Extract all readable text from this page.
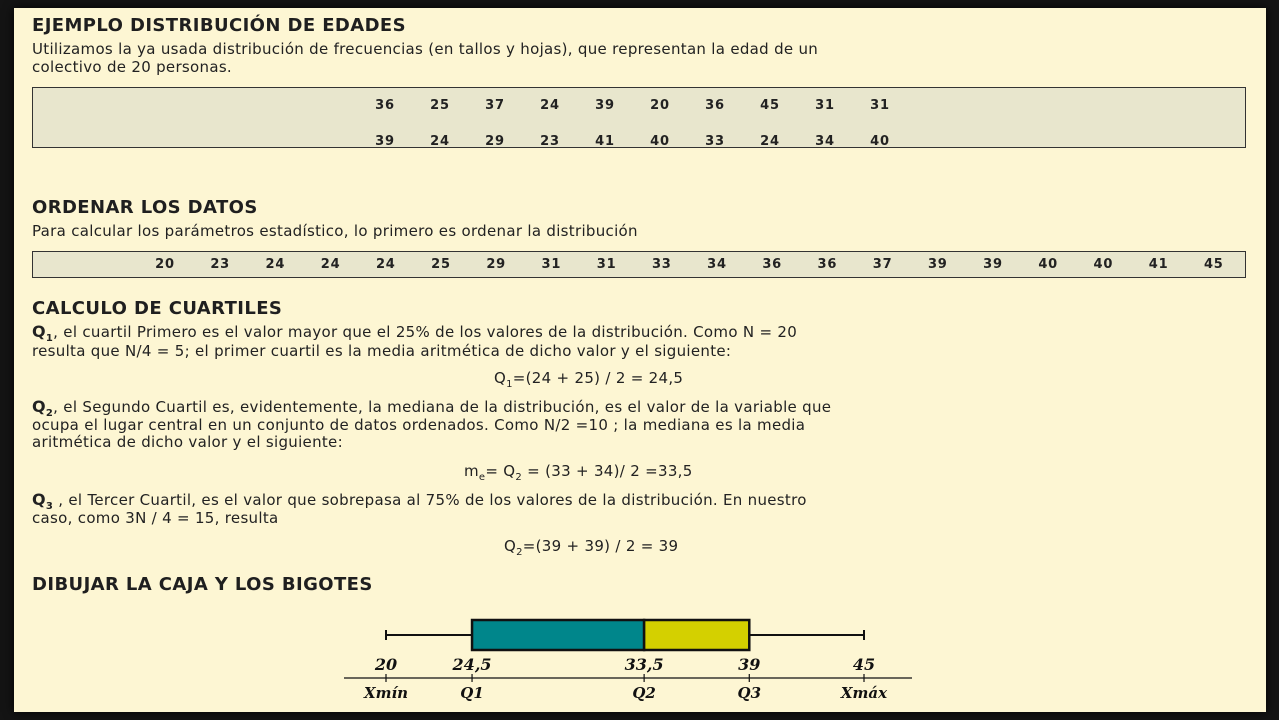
EJEMPLO DISTRIBUCIÓN DE EDADES
Utilizamos la ya usada distribución de frecuencias (en tallos y hojas), que representan la edad de un
colectivo de 20 personas.
36	25	37	24	39	20	36	45	31	31
39	24	29	23	41	40	33	24	34	40
ORDENAR LOS DATOS
Para calcular los parámetros estadístico, lo primero es ordenar la distribución
20	23	24	24	24	25	29	31	31	33	34	36	36	37	39	39	40	40	41	45
CALCULO DE CUARTILES
$Q_1$, el cuartil Primero es el valor mayor que el 25% de los valores de la distribución. Como N = 20
resulta que N/4 = 5; el primer cuartil es la media aritmética de dicho valor y el siguiente:
$Q_1=(24 + 25) / 2 = 24,5$
$Q_2$, el Segundo Cuartil es, evidentemente, la mediana de la distribución, es el valor de la variable que
ocupa el lugar central en un conjunto de datos ordenados. Como N/2 =10 ; la mediana es la media
aritmética de dicho valor y el siguiente:
$m_e= Q_2 = (33 + 34)/$ 2 =33,5
$Q_3$ , el Tercer Cuartil, es el valor que sobrepasa al 75% de los valores de la distribución. En nuestro
caso, como 3N / 4 = 15, resulta
$Q_2=(39 + 39) / 2 = 39$
DIBUJAR LA CAJA Y LOS BIGOTES
20
Xmín
24,5
Q1
33,5
Q2
39
Q3
45
Xmáx
